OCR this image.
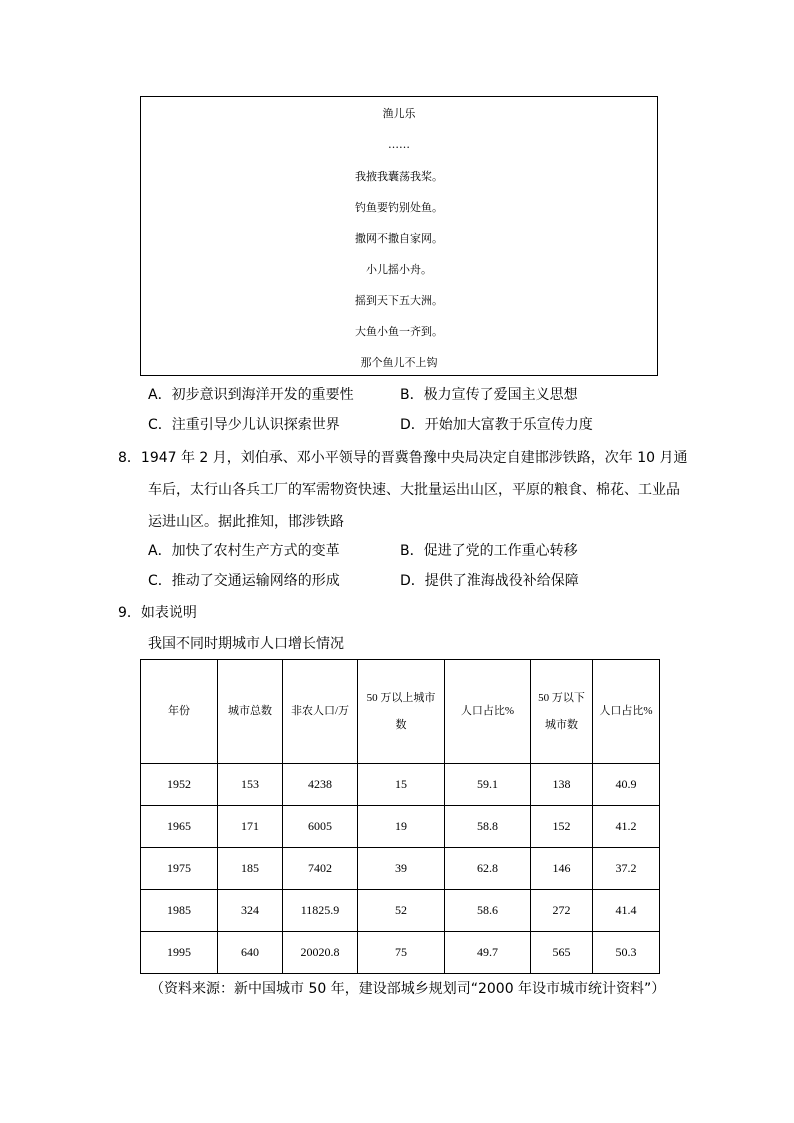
渔儿乐
……
我掖我囊荡我桨。
钓鱼要钓别处鱼。
撒网不撒自家网。
小儿摇小舟。
摇到天下五大洲。
大鱼小鱼一齐到。
那个鱼儿不上钩
A．初步意识到海洋开发的重要性	B．极力宣传了爱国主义思想
C．注重引导少儿认识探索世界	D．开始加大富教于乐宣传力度
8．1947 年 2 月，刘伯承、邓小平领导的晋冀鲁豫中央局决定自建邯涉铁路，次年 10 月通
车后，太行山各兵工厂的军需物资快速、大批量运出山区，平原的粮食、棉花、工业品
运进山区。据此推知，邯涉铁路
A．加快了农村生产方式的变革	B．促进了党的工作重心转移
C．推动了交通运输网络的形成	D．提供了淮海战役补给保障
9．如表说明
我国不同时期城市人口增长情况
年份	城市总数	非农人口/万	50 万以上城市数	人口占比%	50 万以下城市数	人口占比%
1952	153	4238	15	59.1	138	40.9
1965	171	6005	19	58.8	152	41.2
1975	185	7402	39	62.8	146	37.2
1985	324	11825.9	52	58.6	272	41.4
1995	640	20020.8	75	49.7	565	50.3
（资料来源：新中国城市 50 年，建设部城乡规划司“2000 年设市城市统计资料”）
